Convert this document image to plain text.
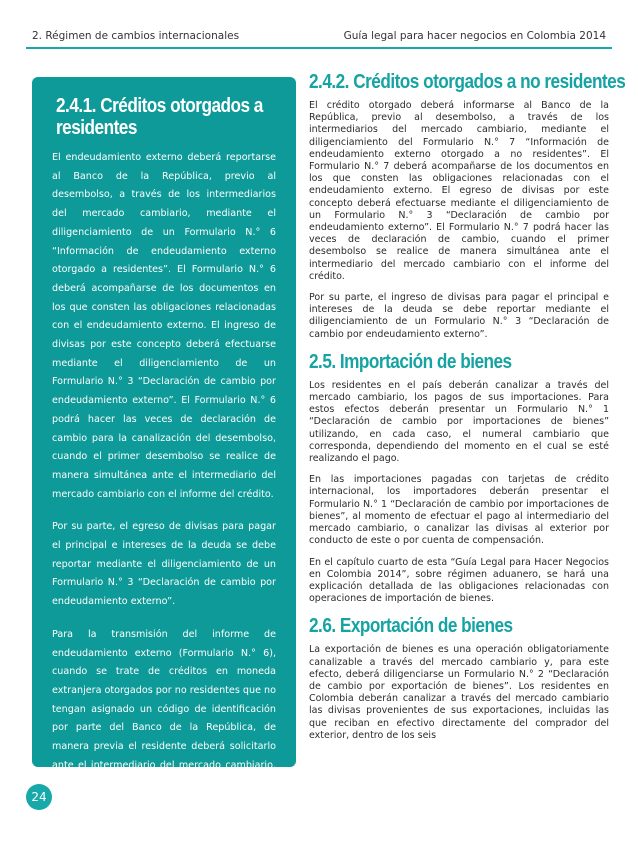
2. Régimen de cambios internacionales	Guía legal para hacer negocios en Colombia 2014
2.4.1. Créditos otorgados a residentes

El endeudamiento externo deberá reportarse al Banco de la República, previo al desembolso, a través de los intermediarios del mercado cambiario, mediante el diligenciamiento de un Formulario N.° 6 “Información de endeudamiento externo otorgado a residentes”. El Formulario N.° 6 deberá acompañarse de los documentos en los que consten las obligaciones relacionadas con el endeudamiento externo. El ingreso de divisas por este concepto deberá efectuarse mediante el diligenciamiento de un Formulario N.° 3 “Declaración de cambio por endeudamiento externo”. El Formulario N.° 6 podrá hacer las veces de declaración de cambio para la canalización del desembolso, cuando el primer desembolso se realice de manera simultánea ante el intermediario del mercado cambiario con el informe del crédito.

Por su parte, el egreso de divisas para pagar el principal e intereses de la deuda se debe reportar mediante el diligenciamiento de un Formulario N.° 3 “Declaración de cambio por endeudamiento externo”.

Para la transmisión del informe de endeudamiento externo (Formulario N.° 6), cuando se trate de créditos en moneda extranjera otorgados por no residentes que no tengan asignado un código de identificación por parte del Banco de la República, de manera previa el residente deberá solicitarlo ante el intermediario del mercado cambiario, quien le exigirá la documentación que demuestre su existencia, referencias bancarias y que cumple con las exigencias en su país sobre lavado de activos.

2.4.2. Créditos otorgados a no residentes

El crédito otorgado deberá informarse al Banco de la República, previo al desembolso, a través de los intermediarios del mercado cambiario, mediante el diligenciamiento del Formulario N.° 7 “Información de endeudamiento externo otorgado a no residentes”. El Formulario N.° 7 deberá acompañarse de los documentos en los que consten las obligaciones relacionadas con el endeudamiento externo. El egreso de divisas por este concepto deberá efectuarse mediante el diligenciamiento de un Formulario N.° 3 “Declaración de cambio por endeudamiento externo”. El Formulario N.° 7 podrá hacer las veces de declaración de cambio, cuando el primer desembolso se realice de manera simultánea ante el intermediario del mercado cambiario con el informe del crédito.

Por su parte, el ingreso de divisas para pagar el principal e intereses de la deuda se debe reportar mediante el diligenciamiento de un Formulario N.° 3 “Declaración de cambio por endeudamiento externo”.

2.5. Importación de bienes

Los residentes en el país deberán canalizar a través del mercado cambiario, los pagos de sus importaciones. Para estos efectos deberán presentar un Formulario N.° 1 “Declaración de cambio por importaciones de bienes” utilizando, en cada caso, el numeral cambiario que corresponda, dependiendo del momento en el cual se esté realizando el pago.

En las importaciones pagadas con tarjetas de crédito internacional, los importadores deberán presentar el Formulario N.° 1 “Declaración de cambio por importaciones de bienes”, al momento de efectuar el pago al intermediario del mercado cambiario, o canalizar las divisas al exterior por conducto de este o por cuenta de compensación.

En el capítulo cuarto de esta “Guía Legal para Hacer Negocios en Colombia 2014”, sobre régimen aduanero, se hará una explicación detallada de las obligaciones relacionadas con operaciones de importación de bienes.

2.6. Exportación de bienes

La exportación de bienes es una operación obligatoriamente canalizable a través del mercado cambiario y, para este efecto, deberá diligenciarse un Formulario N.° 2 “Declaración de cambio por exportación de bienes”. Los residentes en Colombia deberán canalizar a través del mercado cambiario las divisas provenientes de sus exportaciones, incluidas las que reciban en efectivo directamente del comprador del exterior, dentro de los seis

24
